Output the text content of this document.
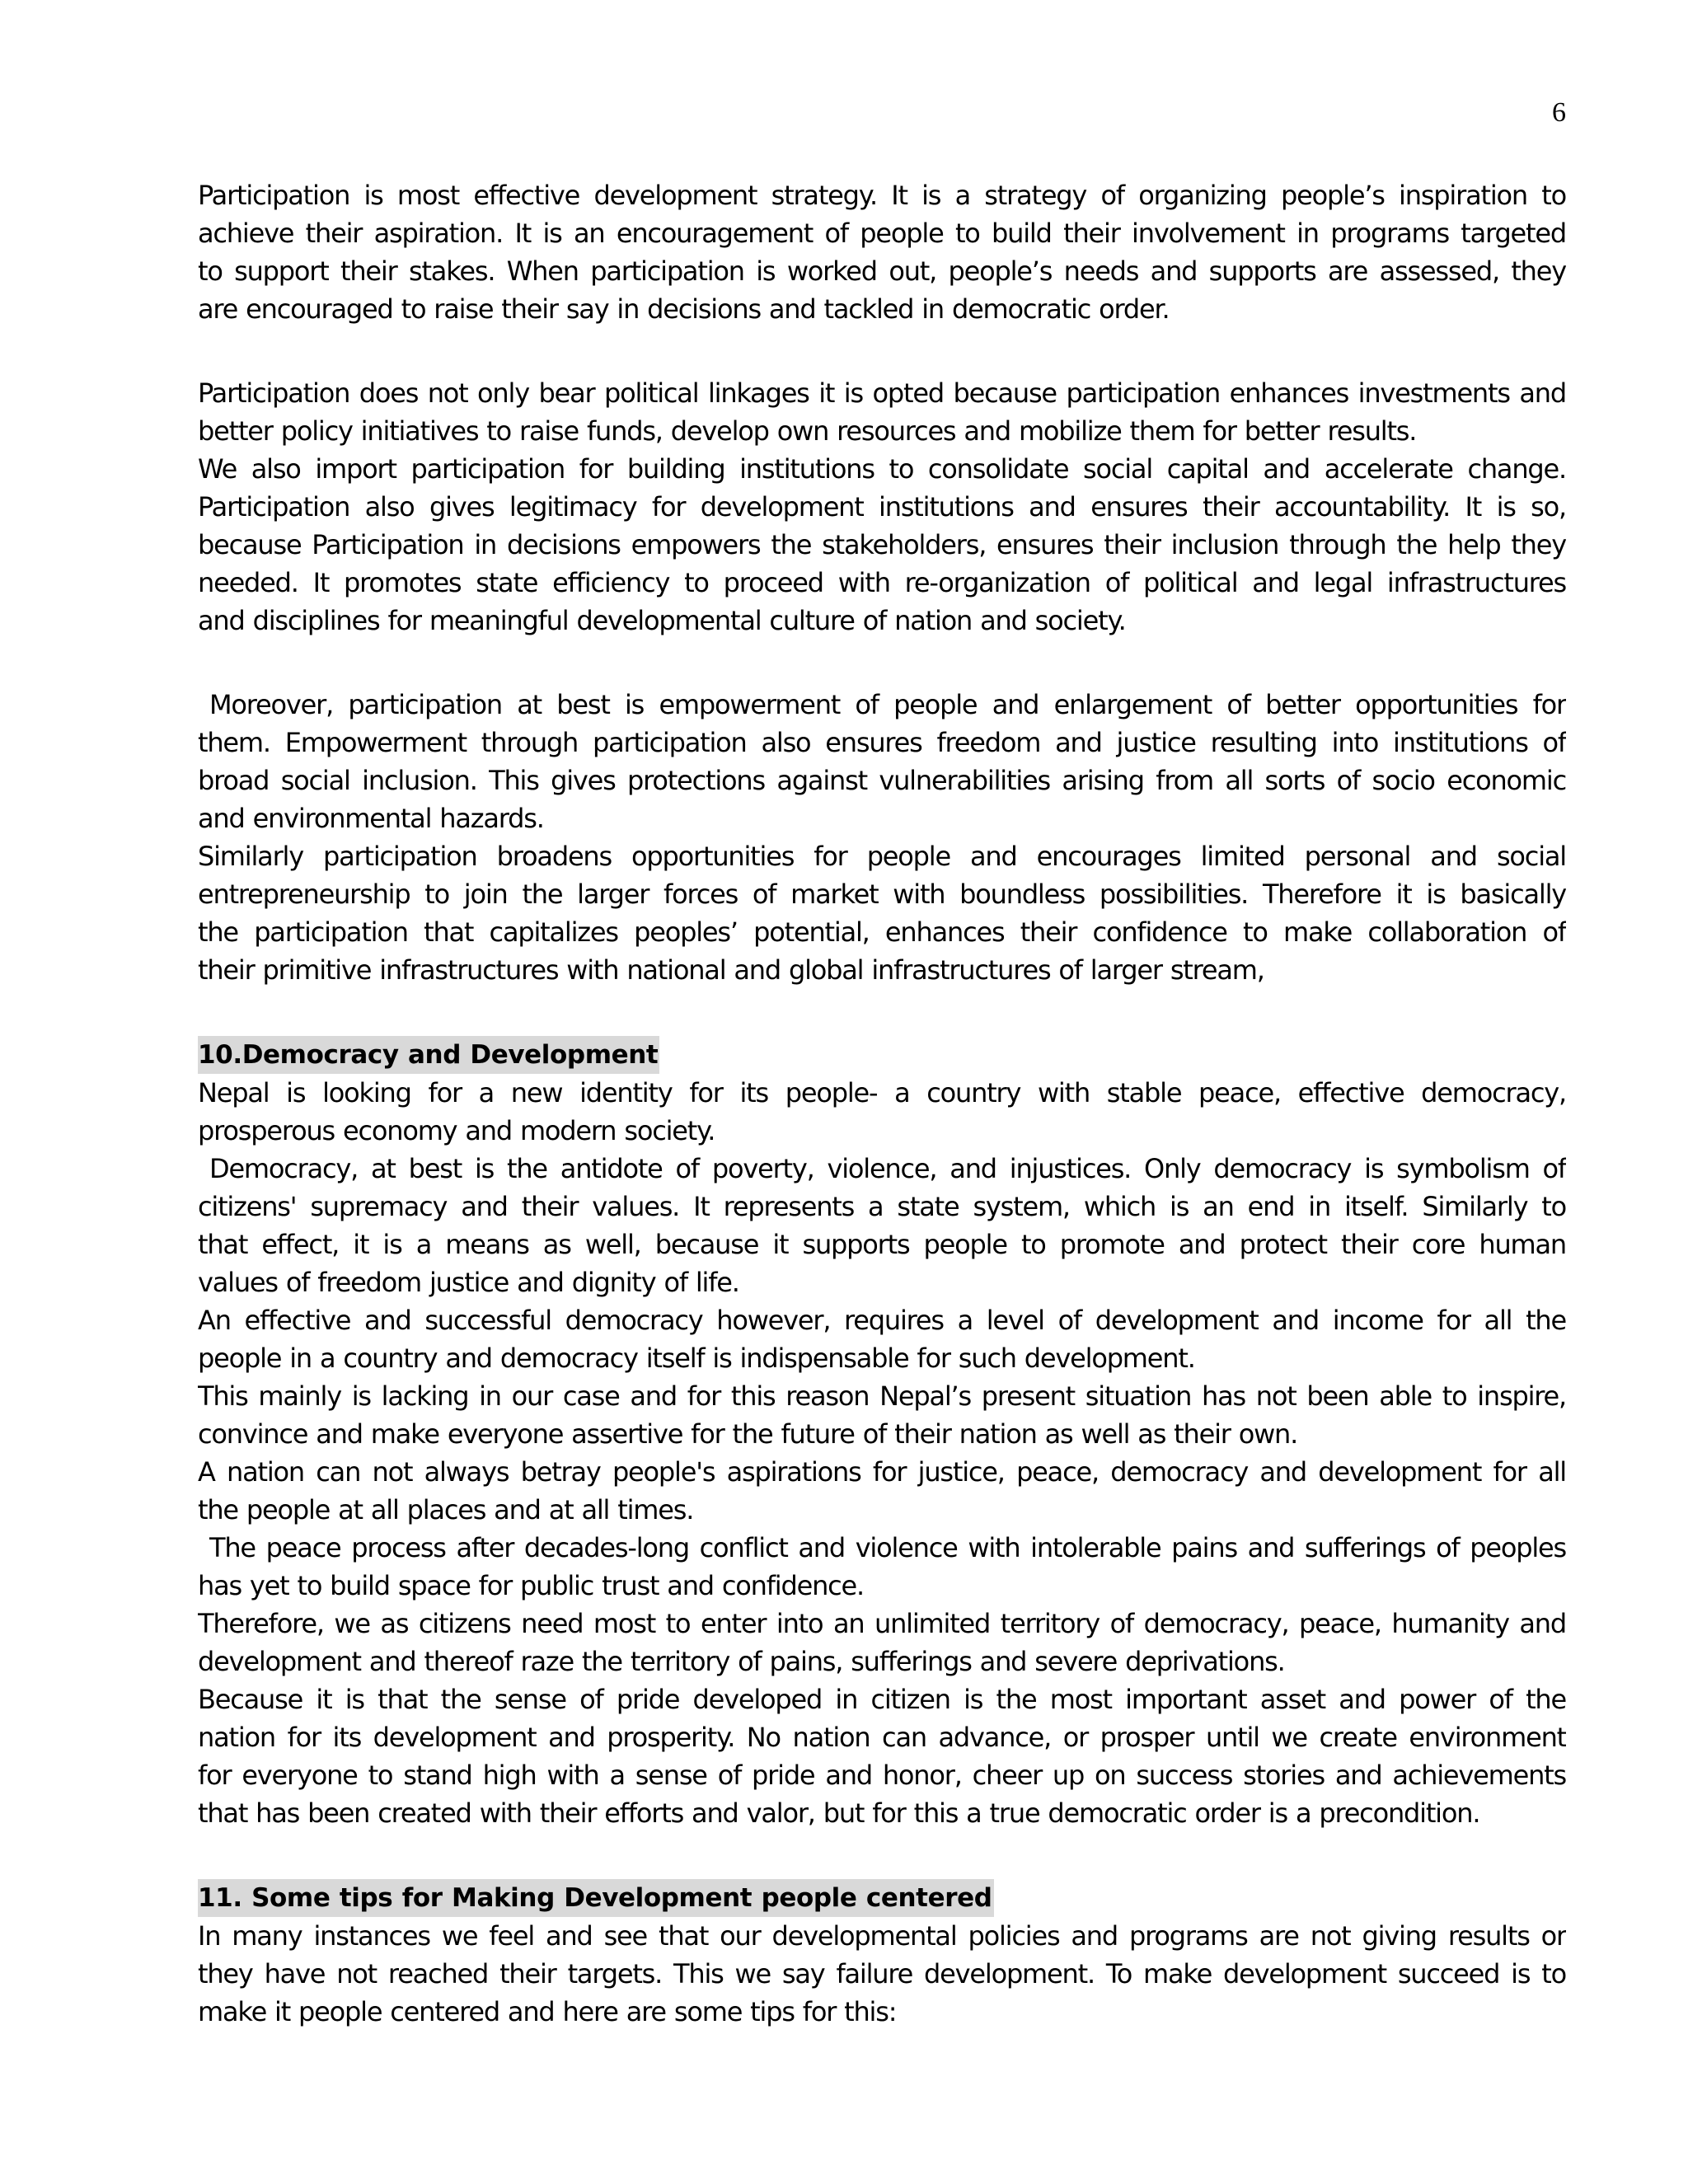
6
Participation is most effective development strategy. It is a strategy of organizing people’s inspiration to
achieve their aspiration. It is an encouragement of people to build their involvement in programs targeted
to support their stakes. When participation is worked out, people’s needs and supports are assessed, they
are encouraged to raise their say in decisions and tackled in democratic order.
Participation does not only bear political linkages it is opted because participation enhances investments and
better policy initiatives to raise funds, develop own resources and mobilize them for better results.
We also import participation for building institutions to consolidate social capital and accelerate change.
Participation also gives legitimacy for development institutions and ensures their accountability. It is so,
because Participation in decisions empowers the stakeholders, ensures their inclusion through the help they
needed. It promotes state efficiency to proceed with re-organization of political and legal infrastructures
and disciplines for meaningful developmental culture of nation and society.
Moreover, participation at best is empowerment of people and enlargement of better opportunities for
them. Empowerment through participation also ensures freedom and justice resulting into institutions of
broad social inclusion. This gives protections against vulnerabilities arising from all sorts of socio economic
and environmental hazards.
Similarly participation broadens opportunities for people and encourages limited personal and social
entrepreneurship to join the larger forces of market with boundless possibilities. Therefore it is basically
the participation that capitalizes peoples’ potential, enhances their confidence to make collaboration of
their primitive infrastructures with national and global infrastructures of larger stream,
10.Democracy and Development
Nepal is looking for a new identity for its people- a country with stable peace, effective democracy,
prosperous economy and modern society.
Democracy, at best is the antidote of poverty, violence, and injustices. Only democracy is symbolism of
citizens' supremacy and their values. It represents a state system, which is an end in itself. Similarly to
that effect, it is a means as well, because it supports people to promote and protect their core human
values of freedom justice and dignity of life.
An effective and successful democracy however, requires a level of development and income for all the
people in a country and democracy itself is indispensable for such development.
This mainly is lacking in our case and for this reason Nepal’s present situation has not been able to inspire,
convince and make everyone assertive for the future of their nation as well as their own.
A nation can not always betray people's aspirations for justice, peace, democracy and development for all
the people at all places and at all times.
The peace process after decades-long conflict and violence with intolerable pains and sufferings of peoples
has yet to build space for public trust and confidence.
Therefore, we as citizens need most to enter into an unlimited territory of democracy, peace, humanity and
development and thereof raze the territory of pains, sufferings and severe deprivations.
Because it is that the sense of pride developed in citizen is the most important asset and power of the
nation for its development and prosperity. No nation can advance, or prosper until we create environment
for everyone to stand high with a sense of pride and honor, cheer up on success stories and achievements
that has been created with their efforts and valor, but for this a true democratic order is a precondition.
11. Some tips for Making Development people centered
In many instances we feel and see that our developmental policies and programs are not giving results or
they have not reached their targets. This we say failure development. To make development succeed is to
make it people centered and here are some tips for this:
